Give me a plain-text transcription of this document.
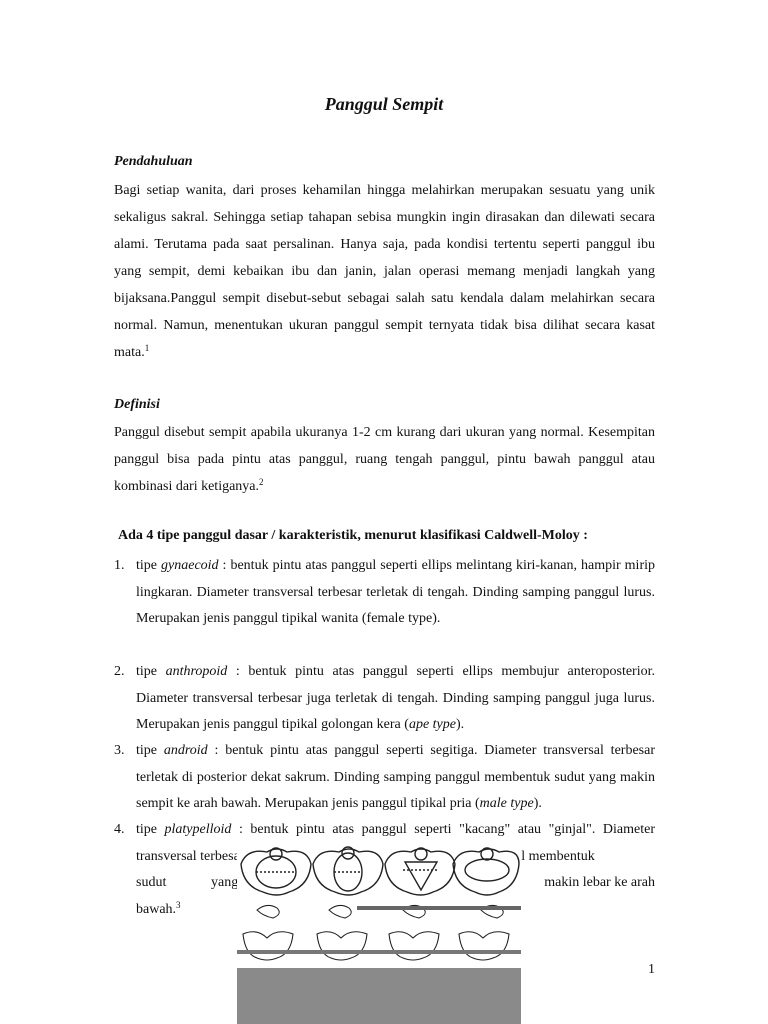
Panggul Sempit
Pendahuluan
Bagi setiap wanita, dari proses kehamilan hingga melahirkan merupakan sesuatu yang unik sekaligus sakral. Sehingga setiap tahapan sebisa mungkin ingin dirasakan dan dilewati secara alami. Terutama pada saat persalinan. Hanya saja, pada kondisi tertentu seperti panggul ibu yang sempit, demi kebaikan ibu dan janin, jalan operasi memang menjadi langkah yang bijaksana.Panggul sempit disebut-sebut sebagai salah satu kendala dalam melahirkan secara normal. Namun, menentukan ukuran panggul sempit ternyata tidak bisa dilihat secara kasat mata.$^1$
Definisi
Panggul disebut sempit apabila ukuranya 1-2 cm kurang dari ukuran yang normal. Kesempitan panggul bisa pada pintu atas panggul, ruang tengah panggul, pintu bawah panggul atau kombinasi dari ketiganya.$^2$
Ada 4 tipe panggul dasar / karakteristik, menurut klasifikasi Caldwell-Moloy :
1. tipe gynaecoid : bentuk pintu atas panggul seperti ellips melintang kiri-kanan, hampir mirip lingkaran. Diameter transversal terbesar terletak di tengah. Dinding samping panggul lurus. Merupakan jenis panggul tipikal wanita (female type).
2. tipe anthropoid : bentuk pintu atas panggul seperti ellips membujur anteroposterior. Diameter transversal terbesar juga terletak di tengah. Dinding samping panggul juga lurus. Merupakan jenis panggul tipikal golongan kera (ape type).
3. tipe android : bentuk pintu atas panggul seperti segitiga. Diameter transversal terbesar terletak di posterior dekat sakrum. Dinding samping panggul membentuk sudut yang makin sempit ke arah bawah. Merupakan jenis panggul tipikal pria (male type).
4. tipe platypelloid : bentuk pintu atas panggul seperti "kacang" atau "ginjal". Diameter transversal terbesar juga terletak di tengah. Dinding samping panggul membentuk
sudut	yang	makin lebar ke arah
bawah.$^3$
1
